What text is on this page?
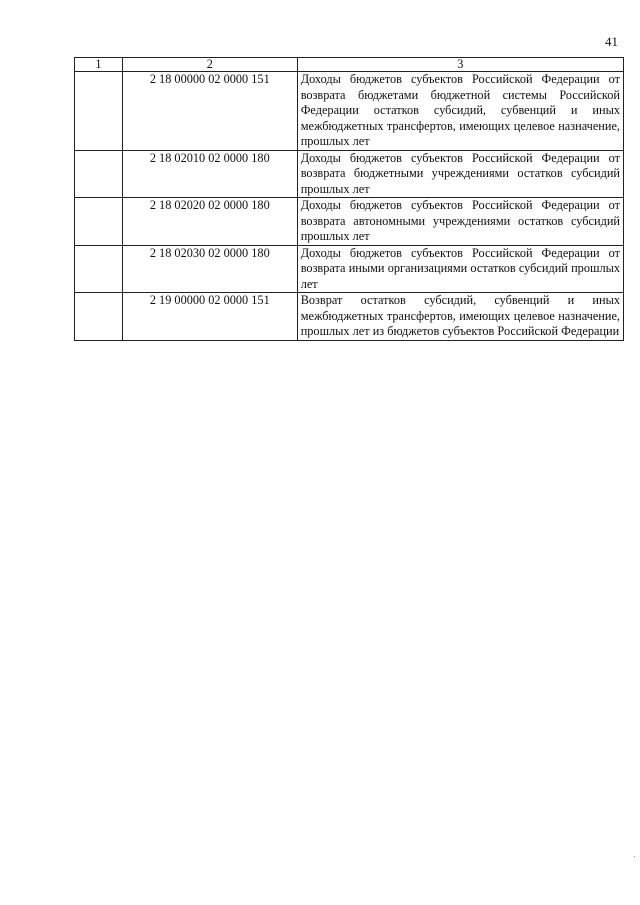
41
1	2	3
	2 18 00000 02 0000 151	Доходы бюджетов субъектов Российской Федерации от возврата бюджетами бюджетной системы Российской Федерации остатков субсидий, субвенций и иных межбюджетных трансфертов, имеющих целевое назначение, прошлых лет
	2 18 02010 02 0000 180	Доходы бюджетов субъектов Российской Федерации от возврата бюджетными учреждениями остатков субсидий прошлых лет
	2 18 02020 02 0000 180	Доходы бюджетов субъектов Российской Федерации от возврата автономными учреждениями остатков субсидий прошлых лет
	2 18 02030 02 0000 180	Доходы бюджетов субъектов Российской Федерации от возврата иными организациями остатков субсидий прошлых лет
	2 19 00000 02 0000 151	Возврат остатков субсидий, субвенций и иных межбюджетных трансфертов, имеющих целевое назначение, прошлых лет из бюджетов субъектов Российской Федерации
